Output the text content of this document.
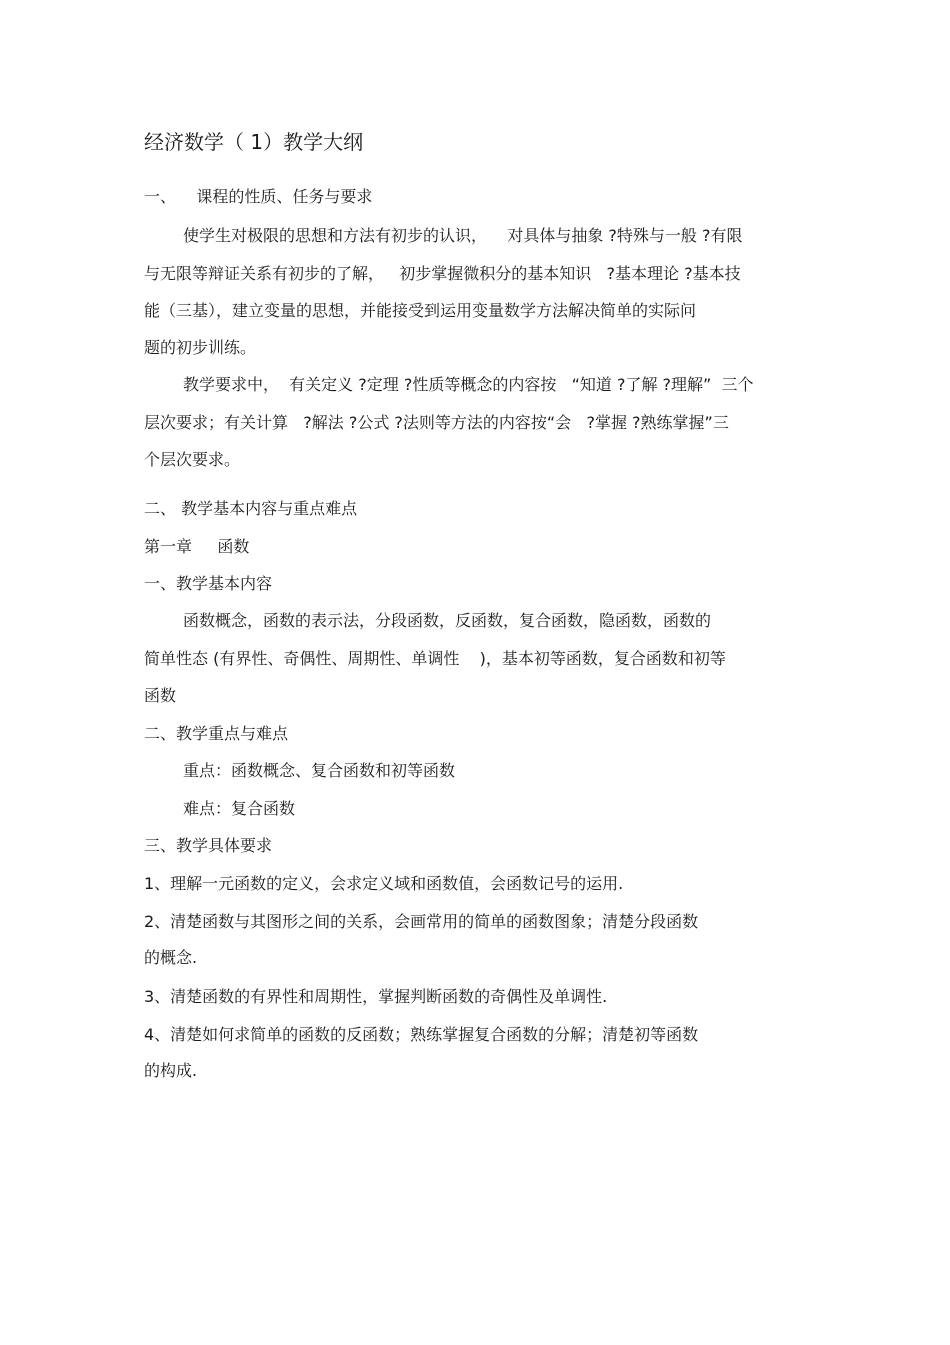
经济数学（ 1）教学大纲

一、    课程的性质、任务与要求

使学生对极限的思想和方法有初步的认识，    对具体与抽象 ?特殊与一般 ?有限

与无限等辩证关系有初步的了解，   初步掌握微积分的基本知识   ?基本理论 ?基本技

能（三基），建立变量的思想，并能接受到运用变量数学方法解决简单的实际问

题的初步训练。

教学要求中，  有关定义 ?定理 ?性质等概念的内容按   “知道 ?了解 ?理解”  三个

层次要求；有关计算   ?解法 ?公式 ?法则等方法的内容按“会   ?掌握 ?熟练掌握”三

个层次要求。

二、 教学基本内容与重点难点

第一章     函数

一、教学基本内容

函数概念，函数的表示法，分段函数，反函数，复合函数，隐函数，函数的

简单性态 (有界性、奇偶性、周期性、单调性    )，基本初等函数，复合函数和初等

函数

二、教学重点与难点

重点：函数概念、复合函数和初等函数

难点：复合函数

三、教学具体要求

1、理解一元函数的定义，会求定义域和函数值，会函数记号的运用.

2、清楚函数与其图形之间的关系，会画常用的简单的函数图象；清楚分段函数

的概念.

3、清楚函数的有界性和周期性，掌握判断函数的奇偶性及单调性.

4、清楚如何求简单的函数的反函数；熟练掌握复合函数的分解；清楚初等函数

的构成.
